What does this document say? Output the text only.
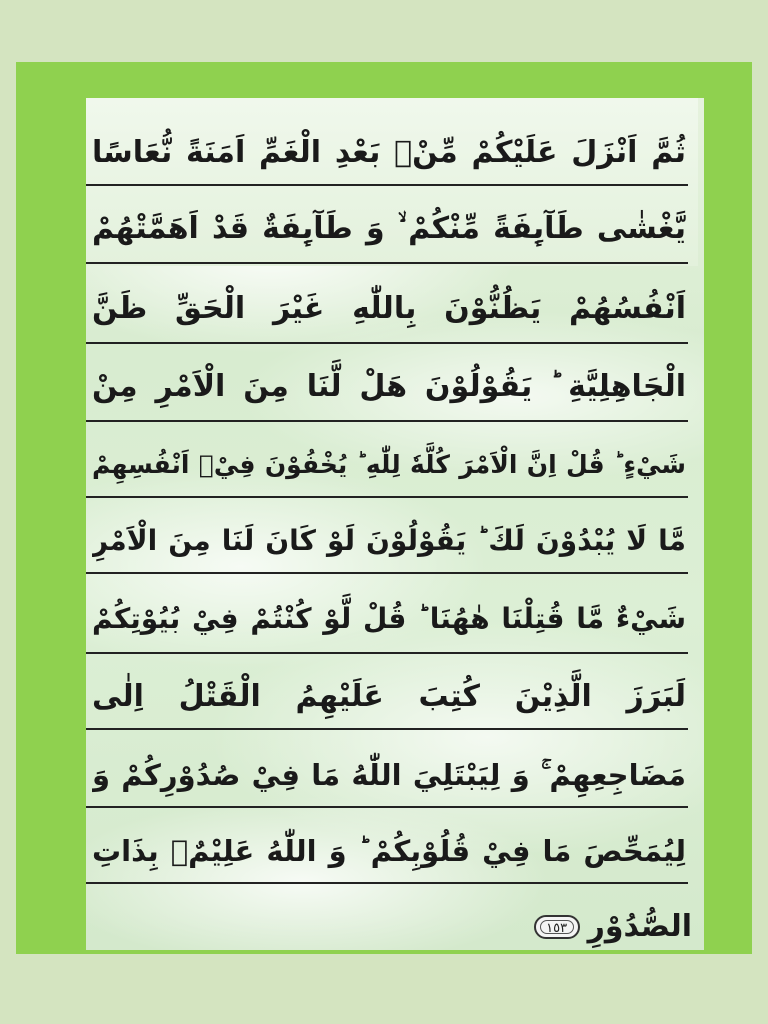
ثُمَّ اَنْزَلَ عَلَيْكُمْ مِّنْۢ بَعْدِ الْغَمِّ اَمَنَةً نُّعَاسًا
يَّغْشٰى طَآىِٕفَةً مِّنْكُمْ ۙ وَ طَآىِٕفَةٌ قَدْ اَهَمَّتْهُمْ
اَنْفُسُهُمْ يَظُنُّوْنَ بِاللّٰهِ غَيْرَ الْحَقِّ ظَنَّ
الْجَاهِلِيَّةِ ؕ يَقُوْلُوْنَ هَلْ لَّنَا مِنَ الْاَمْرِ مِنْ
شَيْءٍ ؕ قُلْ اِنَّ الْاَمْرَ كُلَّهٗ لِلّٰهِ ؕ يُخْفُوْنَ فِيْۤ اَنْفُسِهِمْ
مَّا لَا يُبْدُوْنَ لَكَ ؕ يَقُوْلُوْنَ لَوْ كَانَ لَنَا مِنَ الْاَمْرِ
شَيْءٌ مَّا قُتِلْنَا هٰهُنَا ؕ قُلْ لَّوْ كُنْتُمْ فِيْ بُيُوْتِكُمْ
لَبَرَزَ الَّذِيْنَ كُتِبَ عَلَيْهِمُ الْقَتْلُ اِلٰى
مَضَاجِعِهِمْ ۚ وَ لِيَبْتَلِيَ اللّٰهُ مَا فِيْ صُدُوْرِكُمْ وَ
لِيُمَحِّصَ مَا فِيْ قُلُوْبِكُمْ ؕ وَ اللّٰهُ عَلِيْمٌۢ بِذَاتِ
الصُّدُوْرِ
١٥٣
